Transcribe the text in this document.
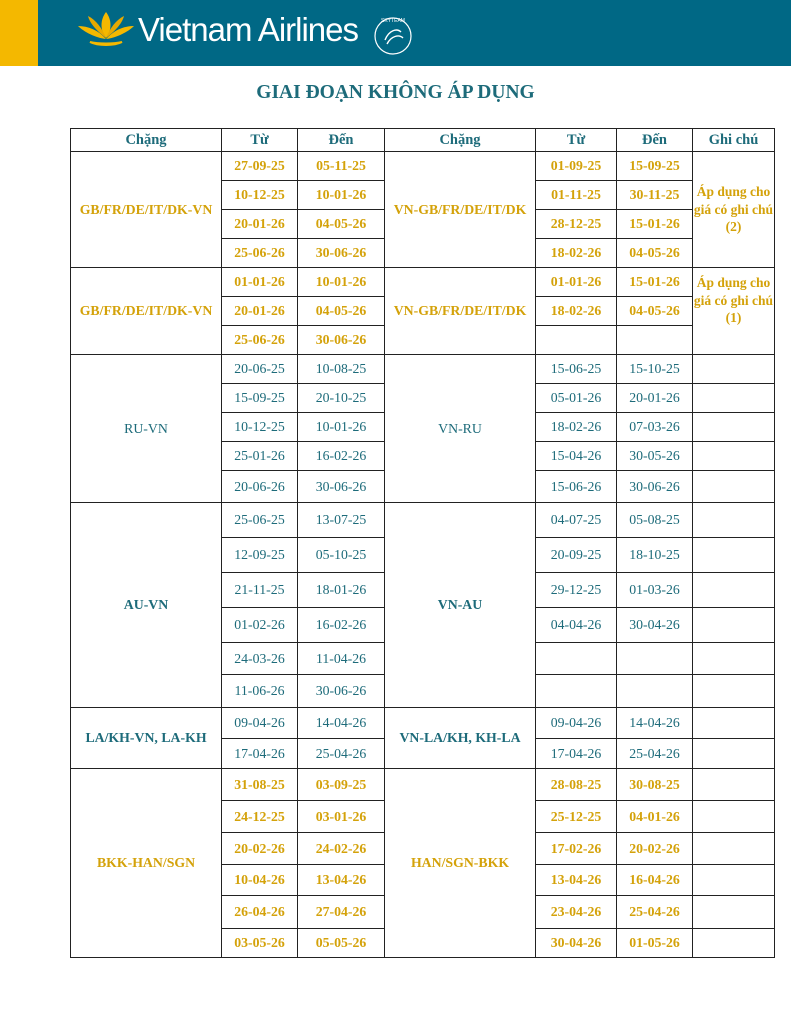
Vietnam Airlines	SKYTEAM
GIAI ĐOẠN KHÔNG ÁP DỤNG
Chặng	Từ	Đến	Chặng	Từ	Đến	Ghi chú
GB/FR/DE/IT/DK-VN	27-09-25	05-11-25	VN-GB/FR/DE/IT/DK	01-09-25	15-09-25	Áp dụng cho giá có ghi chú (2)
	10-12-25	10-01-26		01-11-25	30-11-25	
	20-01-26	04-05-26		28-12-25	15-01-26	
	25-06-26	30-06-26		18-02-26	04-05-26	
GB/FR/DE/IT/DK-VN	01-01-26	10-01-26	VN-GB/FR/DE/IT/DK	01-01-26	15-01-26	Áp dụng cho giá có ghi chú (1)
	20-01-26	04-05-26		18-02-26	04-05-26	
	25-06-26	30-06-26				
RU-VN	20-06-25	10-08-25	VN-RU	15-06-25	15-10-25	
	15-09-25	20-10-25		05-01-26	20-01-26	
	10-12-25	10-01-26		18-02-26	07-03-26	
	25-01-26	16-02-26		15-04-26	30-05-26	
	20-06-26	30-06-26		15-06-26	30-06-26	
AU-VN	25-06-25	13-07-25	VN-AU	04-07-25	05-08-25	
	12-09-25	05-10-25		20-09-25	18-10-25	
	21-11-25	18-01-26		29-12-25	01-03-26	
	01-02-26	16-02-26		04-04-26	30-04-26	
	24-03-26	11-04-26				
	11-06-26	30-06-26				
LA/KH-VN, LA-KH	09-04-26	14-04-26	VN-LA/KH, KH-LA	09-04-26	14-04-26	
	17-04-26	25-04-26		17-04-26	25-04-26	
BKK-HAN/SGN	31-08-25	03-09-25	HAN/SGN-BKK	28-08-25	30-08-25	
	24-12-25	03-01-26		25-12-25	04-01-26	
	20-02-26	24-02-26		17-02-26	20-02-26	
	10-04-26	13-04-26		13-04-26	16-04-26	
	26-04-26	27-04-26		23-04-26	25-04-26	
	03-05-26	05-05-26		30-04-26	01-05-26	
